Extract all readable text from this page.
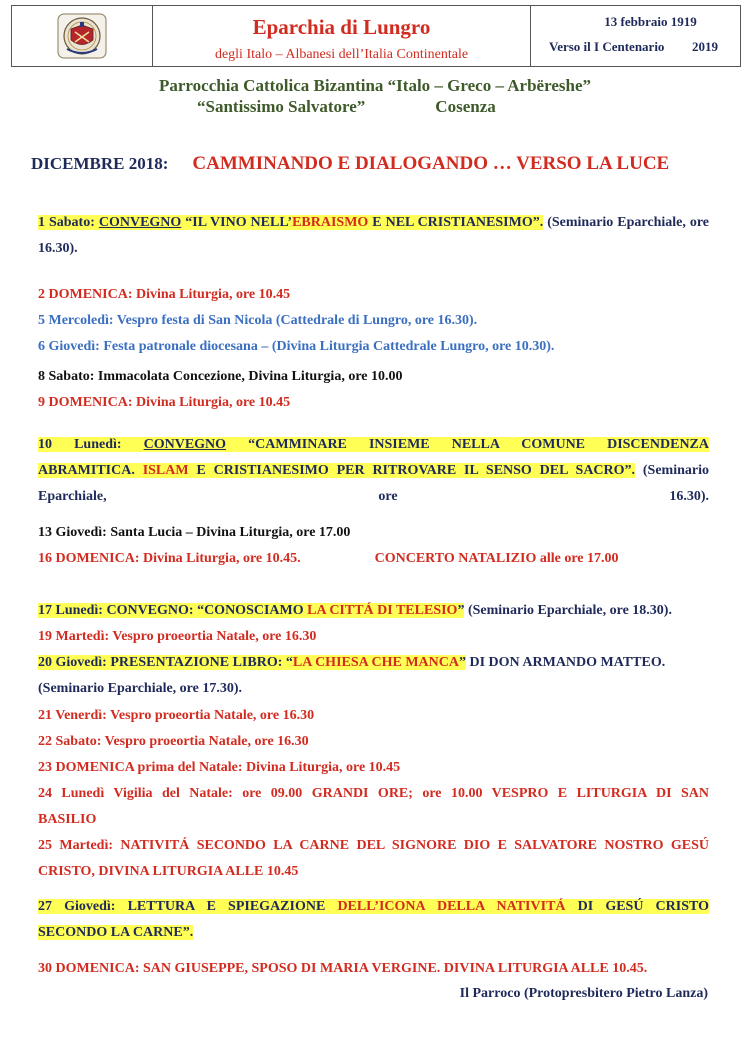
Eparchia di Lungro
degli Italo – Albanesi dell’Italia Continentale
13 febbraio 1919
Verso il I Centenario 2019
Parrocchia Cattolica Bizantina “Italo – Greco – Arbëreshe”
“Santissimo Salvatore”	Cosenza
DICEMBRE 2018: CAMMINANDO E DIALOGANDO … VERSO LA LUCE
1 Sabato: CONVEGNO “IL VINO NELL’EBRAISMO E NEL CRISTIANESIMO”. (Seminario Eparchiale, ore 16.30).
2 DOMENICA: Divina Liturgia, ore 10.45
5 Mercoledì: Vespro festa di San Nicola (Cattedrale di Lungro, ore 16.30).
6 Giovedì: Festa patronale diocesana – (Divina Liturgia Cattedrale Lungro, ore 10.30).
8 Sabato: Immacolata Concezione, Divina Liturgia, ore 10.00
9 DOMENICA: Divina Liturgia, ore 10.45
10 Lunedì: CONVEGNO “CAMMINARE INSIEME NELLA COMUNE DISCENDENZA
ABRAMITICA. ISLAM E CRISTIANESIMO PER RITROVARE IL SENSO DEL SACRO”. (Seminario Eparchiale, ore 16.30).
13 Giovedì: Santa Lucia – Divina Liturgia, ore 17.00
16 DOMENICA: Divina Liturgia, ore 10.45.	CONCERTO NATALIZIO alle ore 17.00
17 Lunedì: CONVEGNO: “CONOSCIAMO LA CITTÁ DI TELESIO” (Seminario Eparchiale, ore 18.30).
19 Martedì: Vespro proeortia Natale, ore 16.30
20 Giovedì: PRESENTAZIONE LIBRO: “LA CHIESA CHE MANCA” DI DON ARMANDO MATTEO.
(Seminario Eparchiale, ore 17.30).
21 Venerdì: Vespro proeortia Natale, ore 16.30
22 Sabato: Vespro proeortia Natale, ore 16.30
23 DOMENICA prima del Natale: Divina Liturgia, ore 10.45
24 Lunedì Vigilia del Natale: ore 09.00 GRANDI ORE; ore 10.00 VESPRO E LITURGIA DI SAN
BASILIO
25 Martedì: NATIVITÁ SECONDO LA CARNE DEL SIGNORE DIO E SALVATORE NOSTRO GESÚ
CRISTO, DIVINA LITURGIA ALLE 10.45
27 Giovedì: LETTURA E SPIEGAZIONE DELL’ICONA DELLA NATIVITÁ DI GESÚ CRISTO
SECONDO LA CARNE”.
30 DOMENICA: SAN GIUSEPPE, SPOSO DI MARIA VERGINE. DIVINA LITURGIA ALLE 10.45.
Il Parroco (Protopresbitero Pietro Lanza)
